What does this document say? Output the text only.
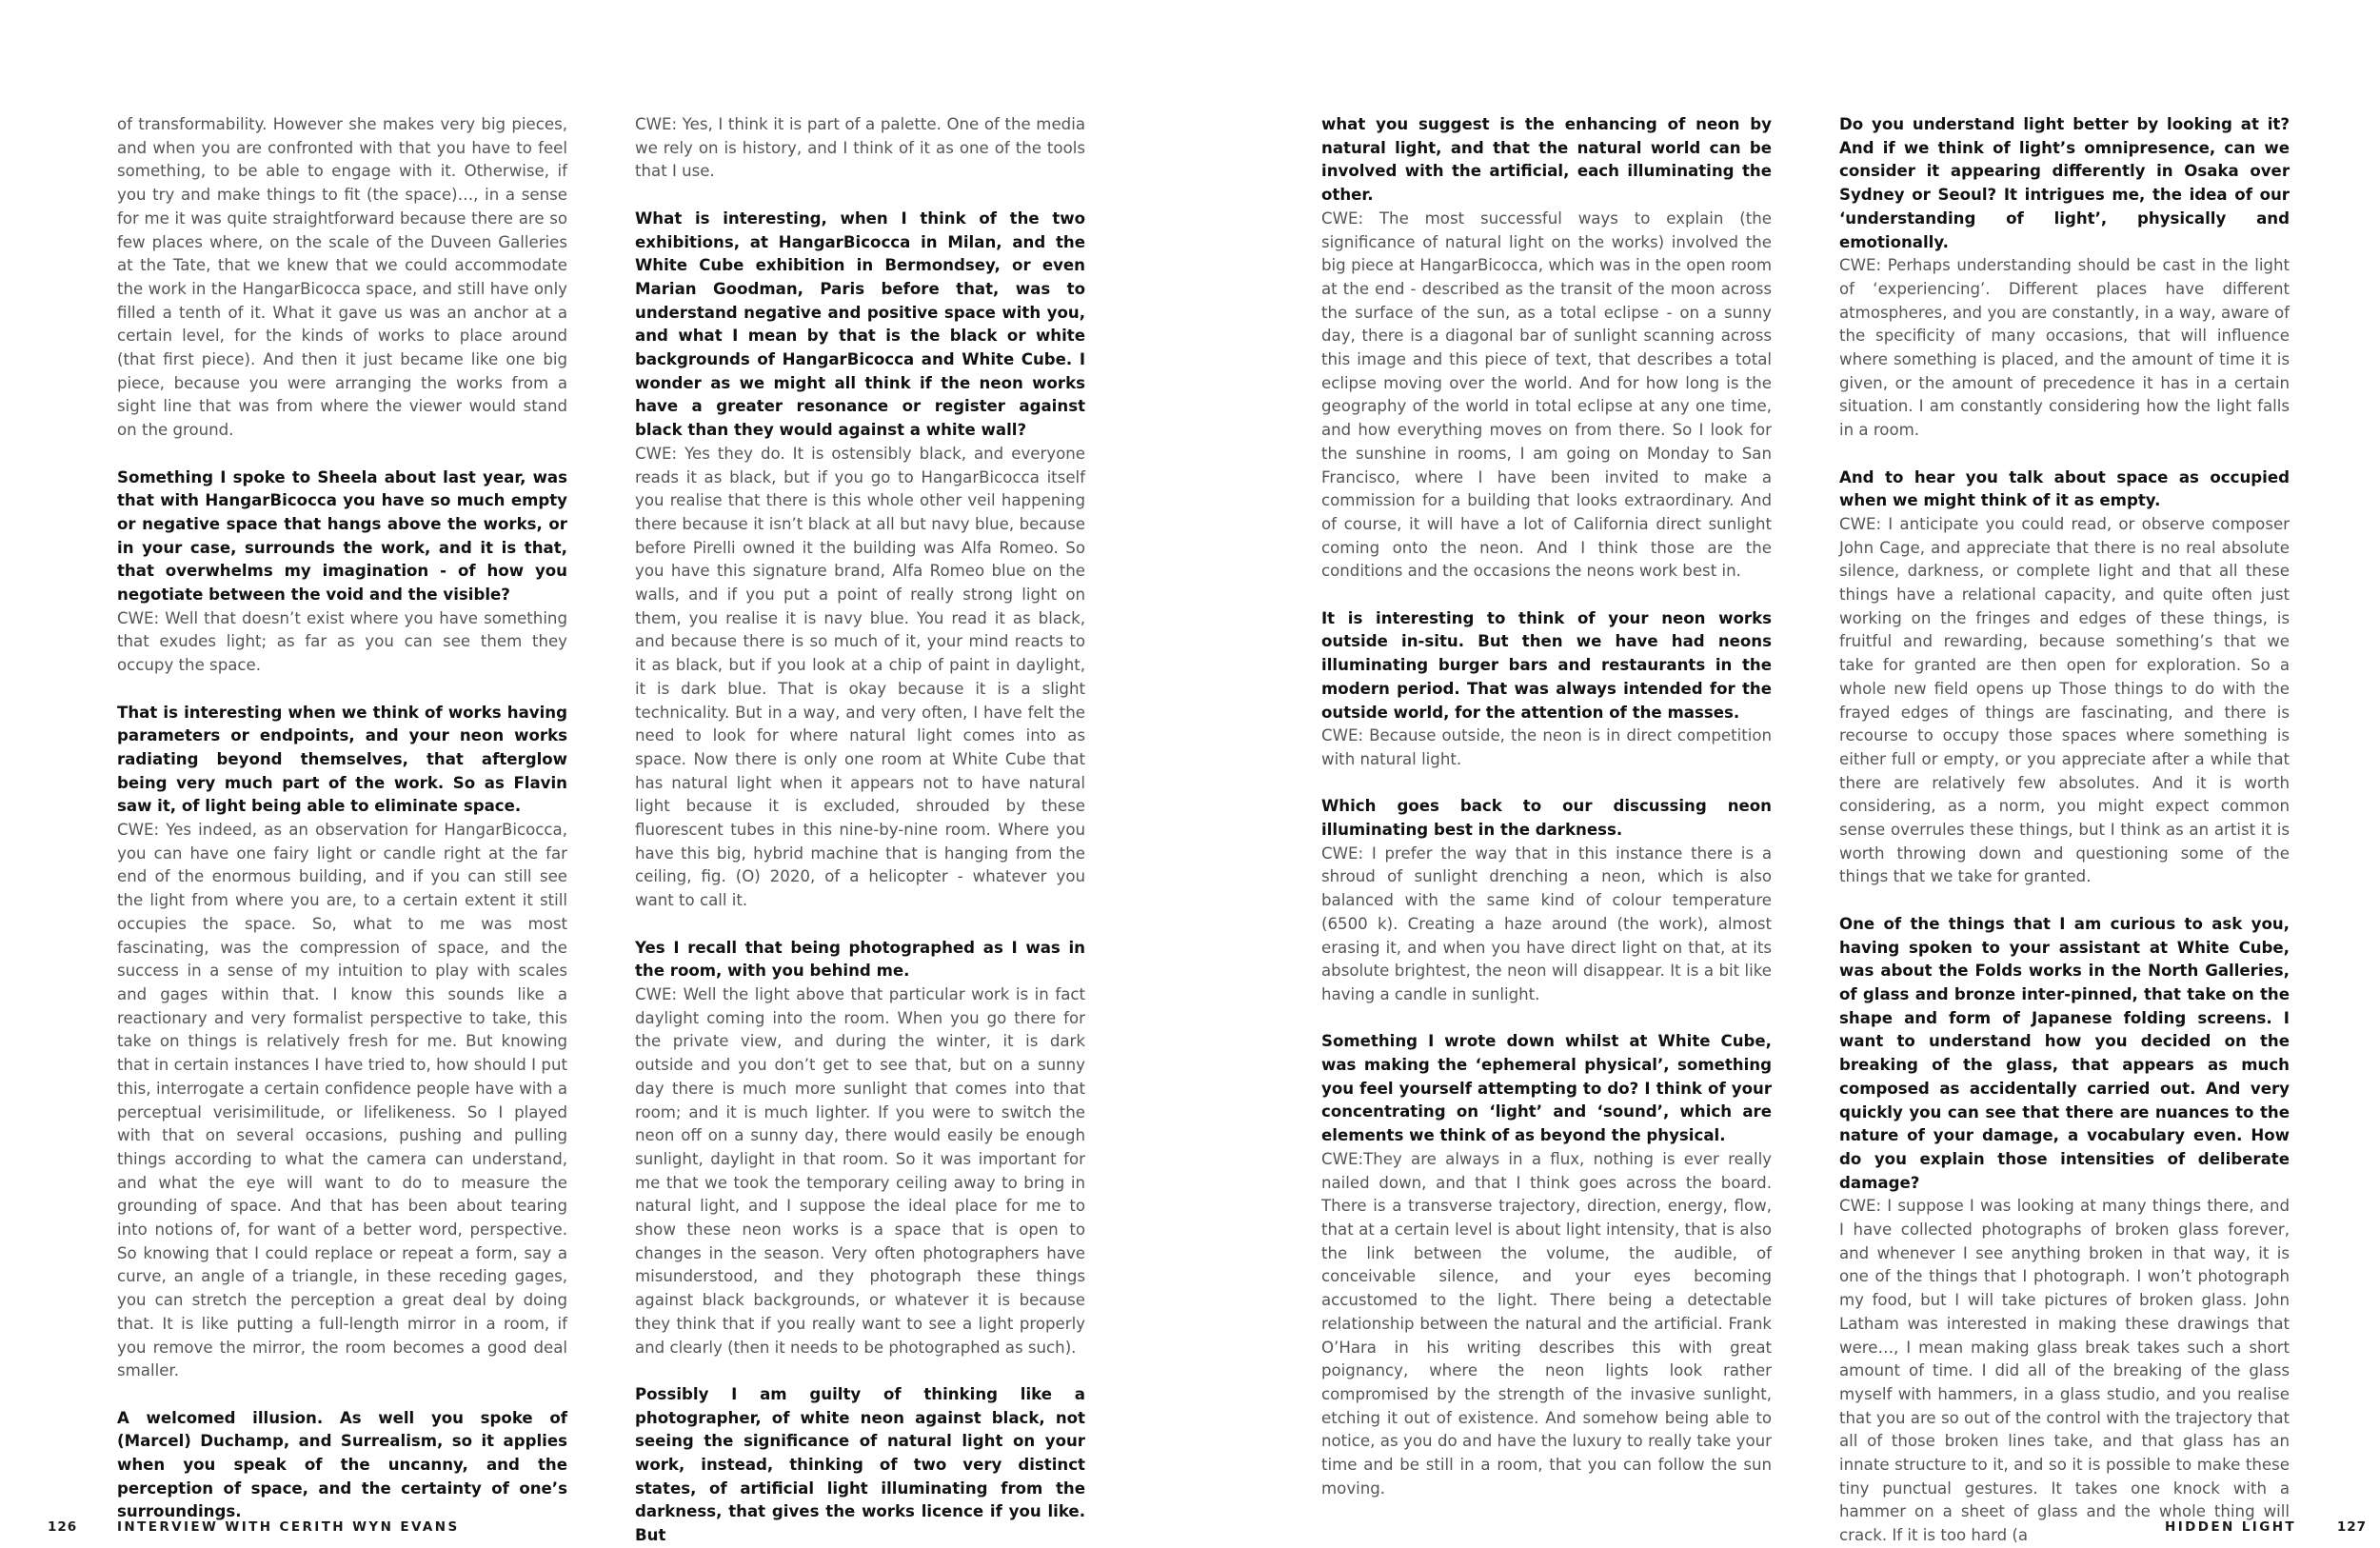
of transformability. However she makes very big pieces, and when you are confronted with that you have to feel something, to be able to engage with it. Otherwise, if you try and make things to fit (the space)…, in a sense for me it was quite straightforward because there are so few places where, on the scale of the Duveen Galleries at the Tate, that we knew that we could accommodate the work in the HangarBicocca space, and still have only filled a tenth of it. What it gave us was an anchor at a certain level, for the kinds of works to place around (that first piece). And then it just became like one big piece, because you were arranging the works from a sight line that was from where the viewer would stand on the ground.

Something I spoke to Sheela about last year, was that with HangarBicocca you have so much empty or negative space that hangs above the works, or in your case, surrounds the work, and it is that, that overwhelms my imagination - of how you negotiate between the void and the visible?
CWE: Well that doesn’t exist where you have something that exudes light; as far as you can see them they occupy the space.

That is interesting when we think of works having parameters or endpoints, and your neon works radiating beyond themselves, that afterglow being very much part of the work. So as Flavin saw it, of light being able to eliminate space.
CWE: Yes indeed, as an observation for HangarBicocca, you can have one fairy light or candle right at the far end of the enormous building, and if you can still see the light from where you are, to a certain extent it still occupies the space. So, what to me was most fascinating, was the compression of space, and the success in a sense of my intuition to play with scales and gages within that. I know this sounds like a reactionary and very formalist perspective to take, this take on things is relatively fresh for me. But knowing that in certain instances I have tried to, how should I put this, interrogate a certain confidence people have with a perceptual verisimilitude, or lifelikeness. So I played with that on several occasions, pushing and pulling things according to what the camera can understand, and what the eye will want to do to measure the grounding of space. And that has been about tearing into notions of, for want of a better word, perspective. So knowing that I could replace or repeat a form, say a curve, an angle of a triangle, in these receding gages, you can stretch the perception a great deal by doing that. It is like putting a full-length mirror in a room, if you remove the mirror, the room becomes a good deal smaller.

A welcomed illusion. As well you spoke of (Marcel) Duchamp, and Surrealism, so it applies when you speak of the uncanny, and the perception of space, and the certainty of one’s surroundings.

CWE: Yes, I think it is part of a palette. One of the media we rely on is history, and I think of it as one of the tools that I use.

What is interesting, when I think of the two exhibitions, at HangarBicocca in Milan, and the White Cube exhibition in Bermondsey, or even Marian Goodman, Paris before that, was to understand negative and positive space with you, and what I mean by that is the black or white backgrounds of HangarBicocca and White Cube. I wonder as we might all think if the neon works have a greater resonance or register against black than they would against a white wall?
CWE: Yes they do. It is ostensibly black, and everyone reads it as black, but if you go to HangarBicocca itself you realise that there is this whole other veil happening there because it isn’t black at all but navy blue, because before Pirelli owned it the building was Alfa Romeo. So you have this signature brand, Alfa Romeo blue on the walls, and if you put a point of really strong light on them, you realise it is navy blue. You read it as black, and because there is so much of it, your mind reacts to it as black, but if you look at a chip of paint in daylight, it is dark blue. That is okay because it is a slight technicality. But in a way, and very often, I have felt the need to look for where natural light comes into as space. Now there is only one room at White Cube that has natural light when it appears not to have natural light because it is excluded, shrouded by these fluorescent tubes in this nine-by-nine room. Where you have this big, hybrid machine that is hanging from the ceiling, fig. (O) 2020, of a helicopter - whatever you want to call it.

Yes I recall that being photographed as I was in the room, with you behind me.
CWE: Well the light above that particular work is in fact daylight coming into the room. When you go there for the private view, and during the winter, it is dark outside and you don’t get to see that, but on a sunny day there is much more sunlight that comes into that room; and it is much lighter. If you were to switch the neon off on a sunny day, there would easily be enough sunlight, daylight in that room. So it was important for me that we took the temporary ceiling away to bring in natural light, and I suppose the ideal place for me to show these neon works is a space that is open to changes in the season. Very often photographers have misunderstood, and they photograph these things against black backgrounds, or whatever it is because they think that if you really want to see a light properly and clearly (then it needs to be photographed as such).

Possibly I am guilty of thinking like a photographer, of white neon against black, not seeing the significance of natural light on your work, instead, thinking of two very distinct states, of artificial light illuminating from the darkness, that gives the works licence if you like. But

what you suggest is the enhancing of neon by natural light, and that the natural world can be involved with the artificial, each illuminating the other.
CWE: The most successful ways to explain (the significance of natural light on the works) involved the big piece at HangarBicocca, which was in the open room at the end - described as the transit of the moon across the surface of the sun, as a total eclipse - on a sunny day, there is a diagonal bar of sunlight scanning across this image and this piece of text, that describes a total eclipse moving over the world. And for how long is the geography of the world in total eclipse at any one time, and how everything moves on from there. So I look for the sunshine in rooms, I am going on Monday to San Francisco, where I have been invited to make a commission for a building that looks extraordinary. And of course, it will have a lot of California direct sunlight coming onto the neon. And I think those are the conditions and the occasions the neons work best in.

It is interesting to think of your neon works outside in-situ. But then we have had neons illuminating burger bars and restaurants in the modern period. That was always intended for the outside world, for the attention of the masses.
CWE: Because outside, the neon is in direct competition with natural light.

Which goes back to our discussing neon illuminating best in the darkness.
CWE: I prefer the way that in this instance there is a shroud of sunlight drenching a neon, which is also balanced with the same kind of colour temperature (6500 k). Creating a haze around (the work), almost erasing it, and when you have direct light on that, at its absolute brightest, the neon will disappear. It is a bit like having a candle in sunlight.

Something I wrote down whilst at White Cube, was making the ‘ephemeral physical’, something you feel yourself attempting to do? I think of your concentrating on ‘light’ and ‘sound’, which are elements we think of as beyond the physical.
CWE:They are always in a flux, nothing is ever really nailed down, and that I think goes across the board. There is a transverse trajectory, direction, energy, flow, that at a certain level is about light intensity, that is also the link between the volume, the audible, of conceivable silence, and your eyes becoming accustomed to the light. There being a detectable relationship between the natural and the artificial. Frank O’Hara in his writing describes this with great poignancy, where the neon lights look rather compromised by the strength of the invasive sunlight, etching it out of existence. And somehow being able to notice, as you do and have the luxury to really take your time and be still in a room, that you can follow the sun moving.

Do you understand light better by looking at it? And if we think of light’s omnipresence, can we consider it appearing differently in Osaka over Sydney or Seoul? It intrigues me, the idea of our ‘understanding of light’, physically and emotionally.
CWE: Perhaps understanding should be cast in the light of ‘experiencing’. Different places have different atmospheres, and you are constantly, in a way, aware of the specificity of many occasions, that will influence where something is placed, and the amount of time it is given, or the amount of precedence it has in a certain situation. I am constantly considering how the light falls in a room.

And to hear you talk about space as occupied when we might think of it as empty.
CWE: I anticipate you could read, or observe composer John Cage, and appreciate that there is no real absolute silence, darkness, or complete light and that all these things have a relational capacity, and quite often just working on the fringes and edges of these things, is fruitful and rewarding, because something’s that we take for granted are then open for exploration. So a whole new field opens up Those things to do with the frayed edges of things are fascinating, and there is recourse to occupy those spaces where something is either full or empty, or you appreciate after a while that there are relatively few absolutes. And it is worth considering, as a norm, you might expect common sense overrules these things, but I think as an artist it is worth throwing down and questioning some of the things that we take for granted.

One of the things that I am curious to ask you, having spoken to your assistant at White Cube, was about the Folds works in the North Galleries, of glass and bronze inter-pinned, that take on the shape and form of Japanese folding screens. I want to understand how you decided on the breaking of the glass, that appears as much composed as accidentally carried out. And very quickly you can see that there are nuances to the nature of your damage, a vocabulary even. How do you explain those intensities of deliberate damage?
CWE: I suppose I was looking at many things there, and I have collected photographs of broken glass forever, and whenever I see anything broken in that way, it is one of the things that I photograph. I won’t photograph my food, but I will take pictures of broken glass. John Latham was interested in making these drawings that were…, I mean making glass break takes such a short amount of time. I did all of the breaking of the glass myself with hammers, in a glass studio, and you realise that you are so out of the control with the trajectory that all of those broken lines take, and that glass has an innate structure to it, and so it is possible to make these tiny punctual gestures. It takes one knock with a hammer on a sheet of glass and the whole thing will crack. If it is too hard (a

126	INTERVIEW WITH CERITH WYN EVANS	HIDDEN LIGHT	127
